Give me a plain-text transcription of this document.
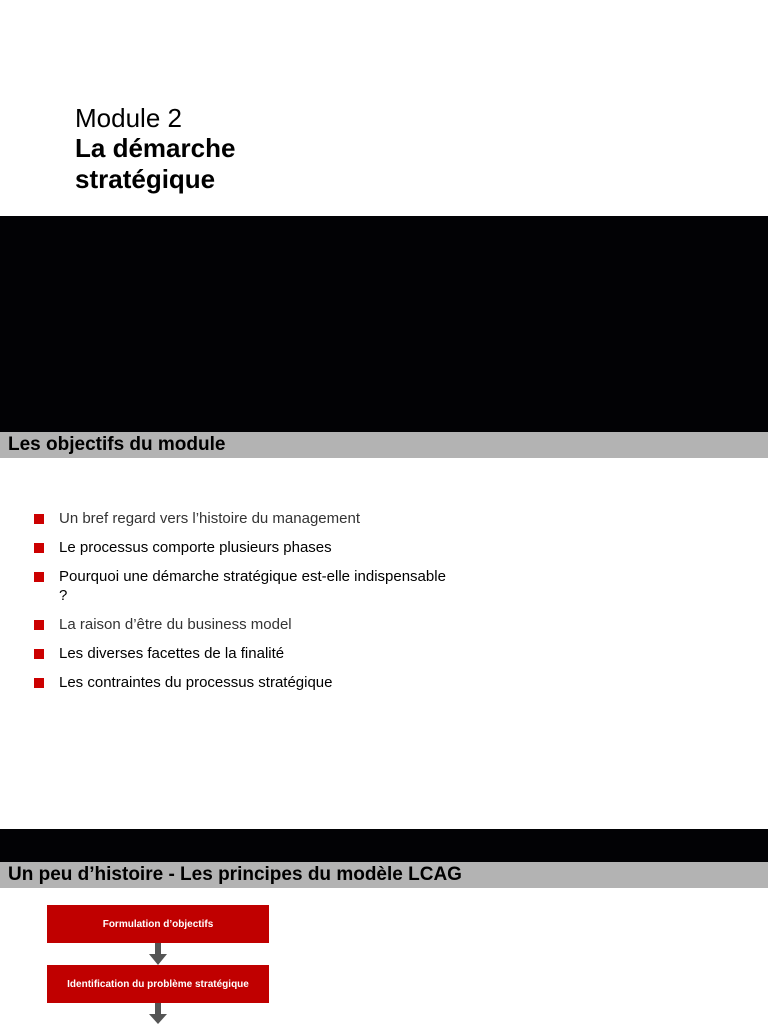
Module 2
La démarche stratégique
Introduction
Les objectifs du module
Un bref regard vers l’histoire du management
Le processus comporte plusieurs phases
Pourquoi une démarche stratégique est-elle indispensable ?
La raison d’être du business model
Les diverses facettes de la finalité
Les contraintes du processus stratégique
Un peu d’histoire - Les principes du modèle LCAG
Formulation d’objectifs
Identification du problème stratégique
